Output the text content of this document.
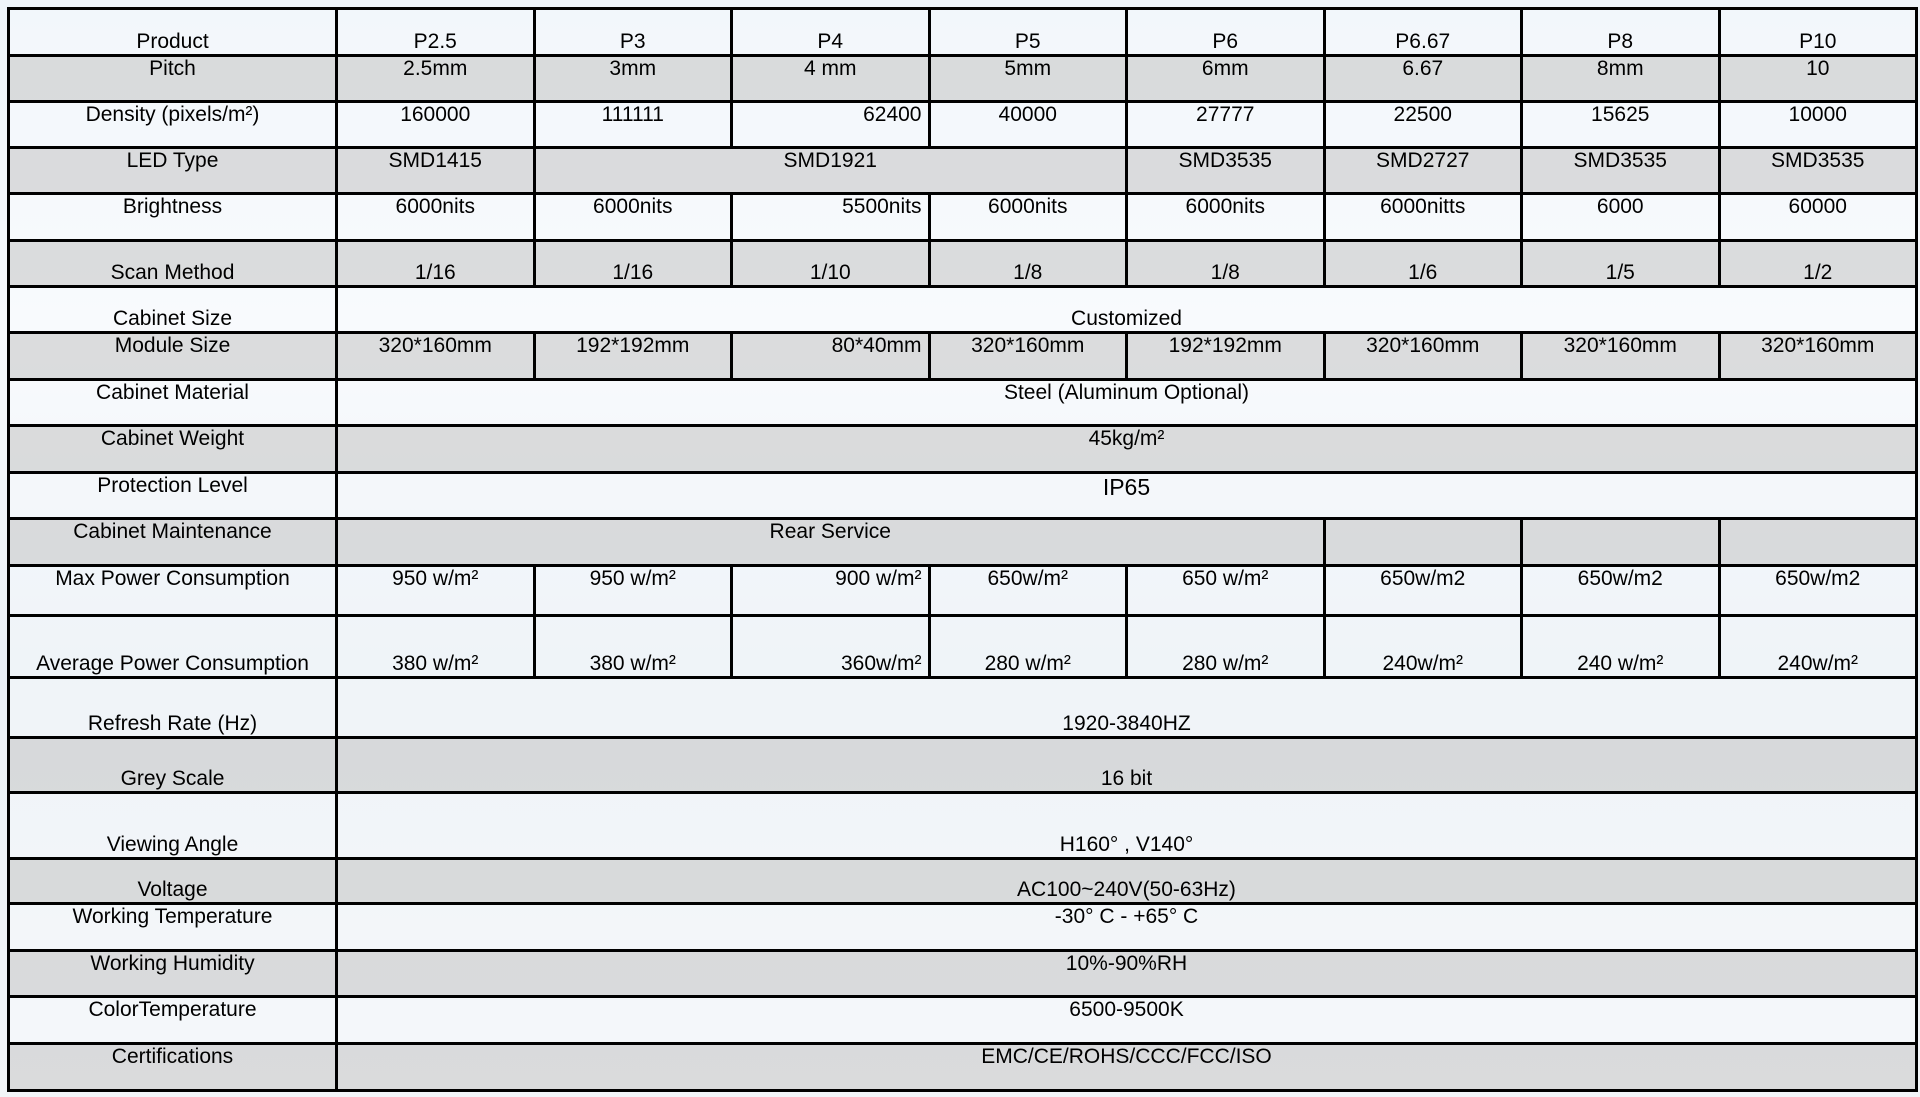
Product	P2.5	P3	P4	P5	P6	P6.67	P8	P10
Pitch	2.5mm	3mm	4 mm	5mm	6mm	6.67	8mm	10
Density (pixels/m²)	160000	111111	62400	40000	27777	22500	15625	10000
LED Type	SMD1415	SMD1921			SMD3535	SMD2727	SMD3535	SMD3535
Brightness	6000nits	6000nits	5500nits	6000nits	6000nits	6000nitts	6000	60000
Scan Method	1/16	1/16	1/10	1/8	1/8	1/6	1/5	1/2
Cabinet Size	Customized							
Module Size	320*160mm	192*192mm	80*40mm	320*160mm	192*192mm	320*160mm	320*160mm	320*160mm
Cabinet Material	Steel (Aluminum Optional)							
Cabinet Weight	45kg/m²							
Protection Level	IP65							
Cabinet Maintenance	Rear Service							
Max Power Consumption	950 w/m²	950 w/m²	900 w/m²	650w/m²	650 w/m²	650w/m2	650w/m2	650w/m2
Average Power Consumption	380 w/m²	380 w/m²	360w/m²	280 w/m²	280 w/m²	240w/m²	240 w/m²	240w/m²
Refresh Rate (Hz)	1920-3840HZ							
Grey Scale	16 bit							
Viewing Angle	H160° , V140°							
Voltage	AC100~240V(50-63Hz)							
Working Temperature	-30° C - +65° C							
Working Humidity	10%-90%RH							
ColorTemperature	6500-9500K							
Certifications	EMC/CE/ROHS/CCC/FCC/ISO							
